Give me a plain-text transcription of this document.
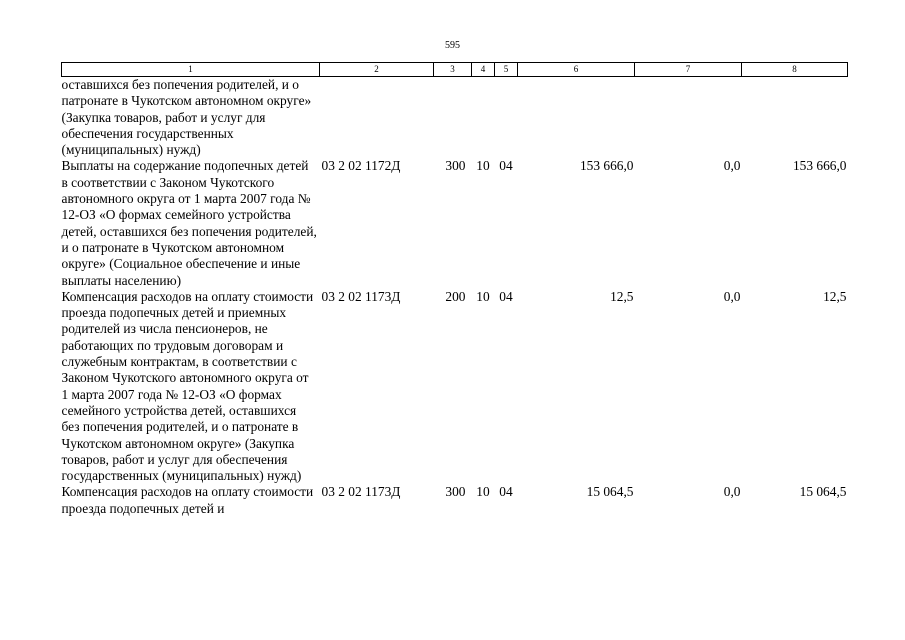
595
1	2	3	4	5	6	7	8
оставшихся без попечения родителей, и о патронате в Чукотском автономном округе» (Закупка товаров, работ и услуг для обеспечения государственных (муниципальных) нужд)							
Выплаты на содержание подопечных детей в соответствии с Законом Чукотского автономного округа от 1 марта 2007 года № 12-ОЗ «О формах семейного устройства детей, оставшихся без попечения родителей, и о патронате в Чукотском автономном округе» (Социальное обеспечение и иные выплаты населению)	03 2 02 1172Д	300	10	04	153 666,0	0,0	153 666,0
Компенсация расходов на оплату стоимости проезда подопечных детей и приемных родителей из числа пенсионеров, не работающих по трудовым договорам и служебным контрактам, в соответствии с Законом Чукотского автономного округа от 1 марта 2007 года № 12-ОЗ «О формах семейного устройства детей, оставшихся без попечения родителей, и о патронате в Чукотском автономном округе» (Закупка товаров, работ и услуг для обеспечения государственных (муниципальных) нужд)	03 2 02 1173Д	200	10	04	12,5	0,0	12,5
Компенсация расходов на оплату стоимости проезда подопечных детей и	03 2 02 1173Д	300	10	04	15 064,5	0,0	15 064,5
